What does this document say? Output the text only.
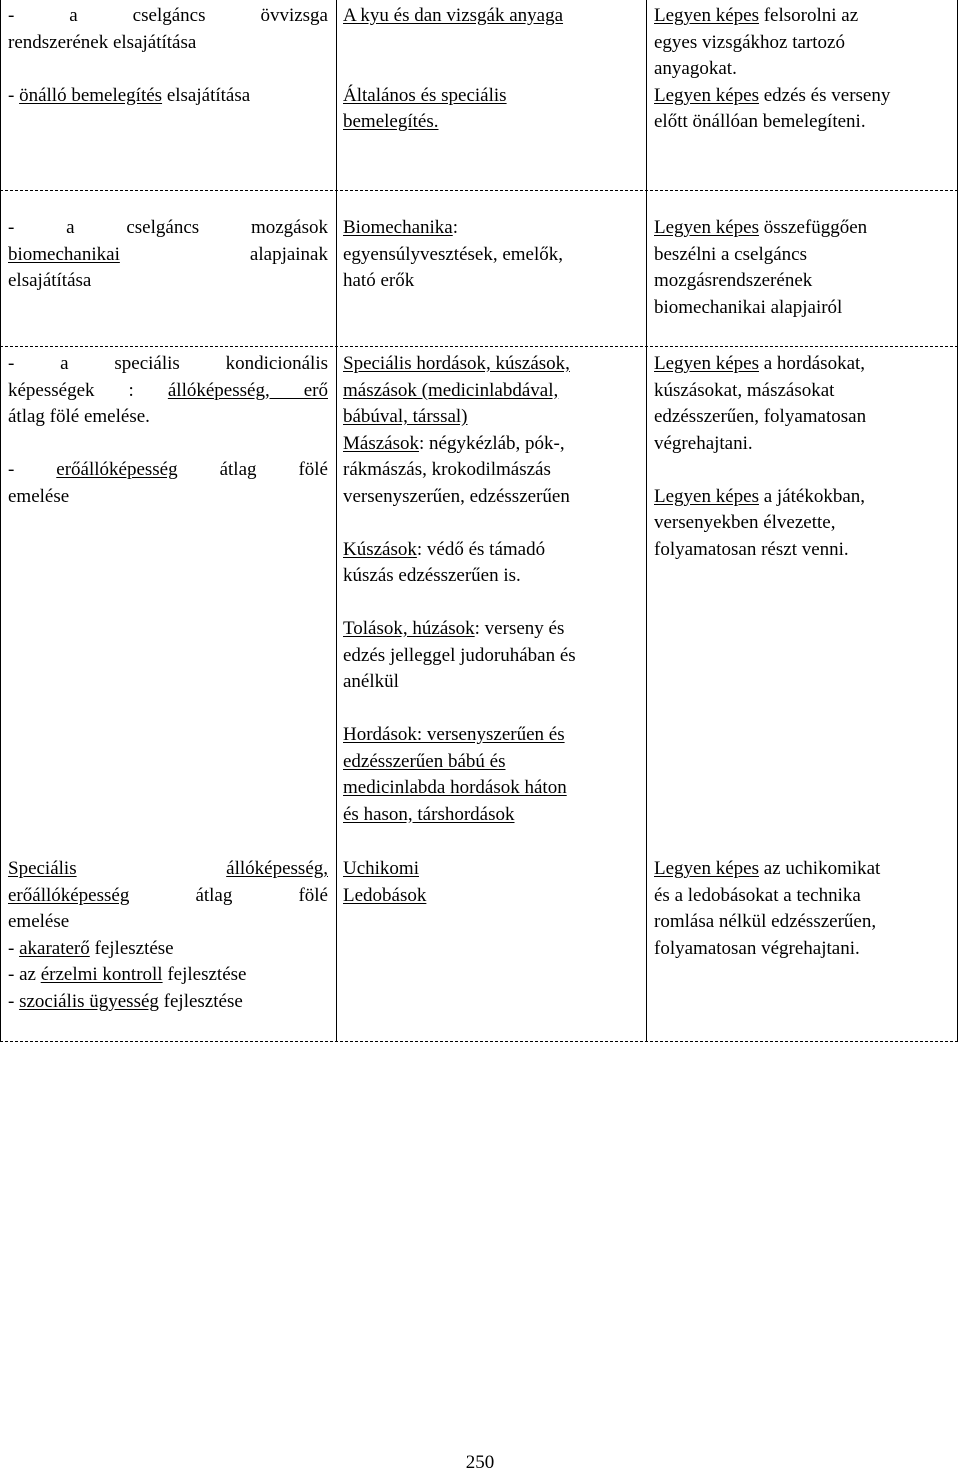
- a cselgáncs övvizsga
rendszerének elsajátítása

- önálló bemelegítés elsajátítása
A kyu és dan vizsgák anyaga

Általános és speciális
bemelegítés.
Legyen képes felsorolni az
egyes vizsgákhoz tartozó
anyagokat.
Legyen képes edzés és verseny
előtt önállóan bemelegíteni.
- a cselgáncs mozgások
biomechanikai alapjainak
elsajátítása
Biomechanika:
egyensúlyvesztések, emelők,
ható erők
Legyen képes összefüggően
beszélni a cselgáncs
mozgásrendszerének
biomechanikai alapjairól
- a speciális kondicionális
képességek : állóképesség, erő
átlag fölé emelése.

- erőállóképesség átlag fölé
emelése
Speciális hordások, kúszások,
mászások (medicinlabdával,
bábúval, társsal)
Mászások: négykézláb, pók-,
rákmászás, krokodilmászás
versenyszerűen, edzésszerűen

Kúszások: védő és támadó
kúszás edzésszerűen is.

Tolások, húzások: verseny és
edzés jelleggel judoruhában és
anélkül

Hordások: versenyszerűen és
edzésszerűen bábú és
medicinlabda hordások háton
és hason, társhordások
Legyen képes a hordásokat,
kúszásokat, mászásokat
edzésszerűen, folyamatosan
végrehajtani.

Legyen képes a játékokban,
versenyekben élvezette,
folyamatosan részt venni.
Speciális	állóképesség,
erőállóképesség átlag fölé
emelése
- akaraterő fejlesztése
- az érzelmi kontroll fejlesztése
- szociális ügyesség fejlesztése
Uchikomi
Ledobások
Legyen képes az uchikomikat
és a ledobásokat a technika
romlása nélkül edzésszerűen,
folyamatosan végrehajtani.
250
